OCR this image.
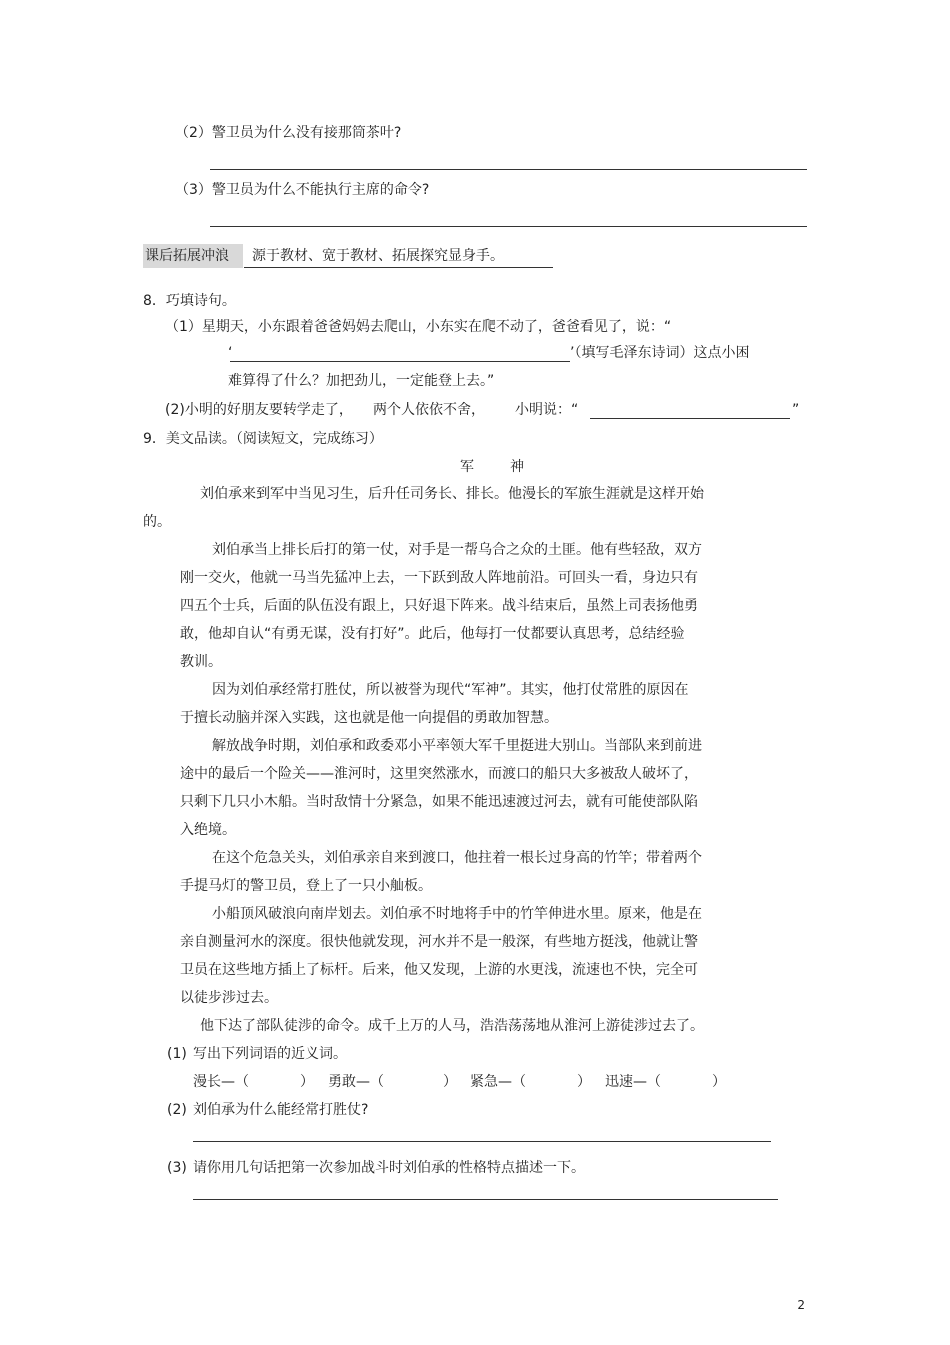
（2）警卫员为什么没有接那筒茶叶?
（3）警卫员为什么不能执行主席的命令?
课后拓展冲浪	源于教材、宽于教材、拓展探究显身手。
8．巧填诗句。
（1）星期天，小东跟着爸爸妈妈去爬山，小东实在爬不动了，爸爸看见了，说：“
‘	’（填写毛泽东诗词）这点小困
难算得了什么？加把劲儿，一定能登上去。”
(2)小明的好朋友要转学走了， 两个人依依不舍， 小明说：“	”
9．美文品读。（阅读短文，完成练习）
军	神
刘伯承来到军中当见习生，后升任司务长、排长。他漫长的军旅生涯就是这样开始
的。
刘伯承当上排长后打的第一仗，对手是一帮乌合之众的土匪。他有些轻敌，双方
刚一交火，他就一马当先猛冲上去，一下跃到敌人阵地前沿。可回头一看，身边只有
四五个士兵，后面的队伍没有跟上，只好退下阵来。战斗结束后，虽然上司表扬他勇
敢，他却自认“有勇无谋，没有打好”。此后，他每打一仗都要认真思考，总结经验
教训。
因为刘伯承经常打胜仗，所以被誉为现代“军神”。其实，他打仗常胜的原因在
于擅长动脑并深入实践，这也就是他一向提倡的勇敢加智慧。
解放战争时期，刘伯承和政委邓小平率领大军千里挺进大别山。当部队来到前进
途中的最后一个险关——淮河时，这里突然涨水，而渡口的船只大多被敌人破坏了，
只剩下几只小木船。当时敌情十分紧急，如果不能迅速渡过河去，就有可能使部队陷
入绝境。
在这个危急关头，刘伯承亲自来到渡口，他拄着一根长过身高的竹竿；带着两个
手提马灯的警卫员，登上了一只小舢板。
小船顶风破浪向南岸划去。刘伯承不时地将手中的竹竿伸进水里。原来，他是在
亲自测量河水的深度。很快他就发现，河水并不是一般深，有些地方挺浅，他就让警
卫员在这些地方插上了标杆。后来，他又发现，上游的水更浅，流速也不快，完全可
以徒步涉过去。
他下达了部队徒涉的命令。成千上万的人马，浩浩荡荡地从淮河上游徒涉过去了。
(1) 写出下列词语的近义词。
漫长—（	） 勇敢—（	） 紧急—（	） 迅速—（	）
(2) 刘伯承为什么能经常打胜仗?
(3) 请你用几句话把第一次参加战斗时刘伯承的性格特点描述一下。
2
